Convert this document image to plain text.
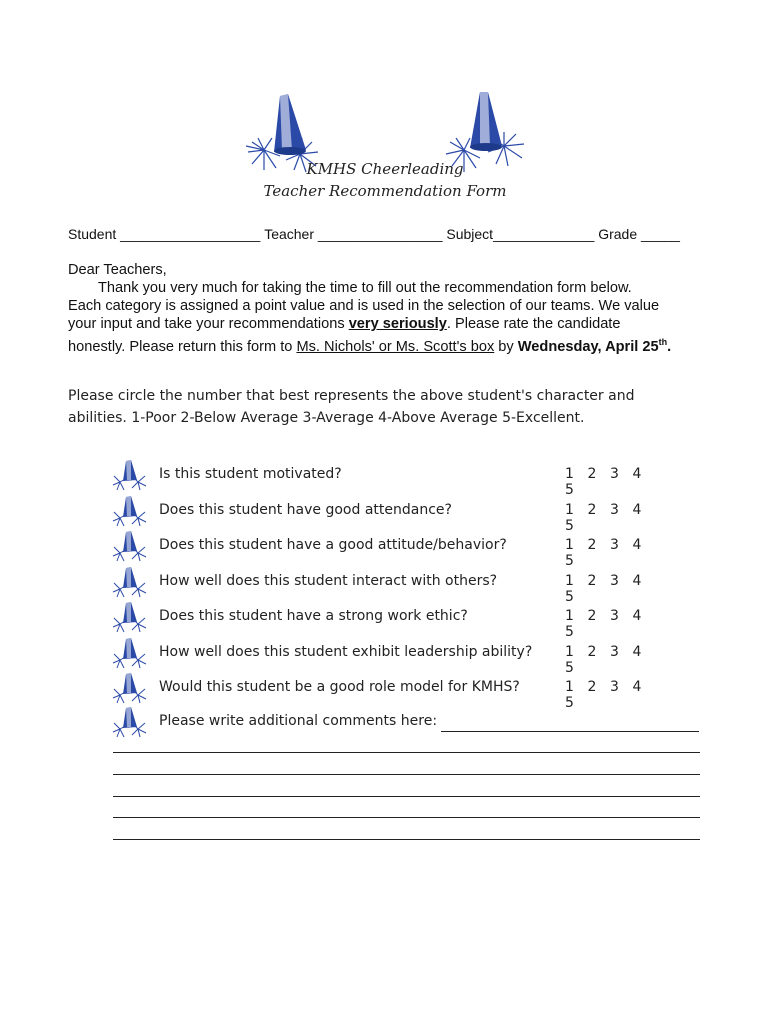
KMHS Cheerleading
Teacher Recommendation Form
Student __________________ Teacher ________________ Subject_____________ Grade _____
Dear Teachers,
Thank you very much for taking the time to fill out the recommendation form below.
Each category is assigned a point value and is used in the selection of our teams. We value
your input and take your recommendations very seriously. Please rate the candidate
honestly. Please return this form to Ms. Nichols' or Ms. Scott's box by Wednesday, April 25th.
Please circle the number that best represents the above student's character and
abilities. 1-Poor 2-Below Average 3-Average 4-Above Average 5-Excellent.
Is this student motivated?	1 2 3 45
Does this student have good attendance?	1 2 3 45
Does this student have a good attitude/behavior?	1 2 3 45
How well does this student interact with others?	1 2 3 45
Does this student have a strong work ethic?	1 2 3 45
How well does this student exhibit leadership ability? 1 2 3 45
Would this student be a good role model for KMHS?	1 2 3 45
Please write additional comments here:
